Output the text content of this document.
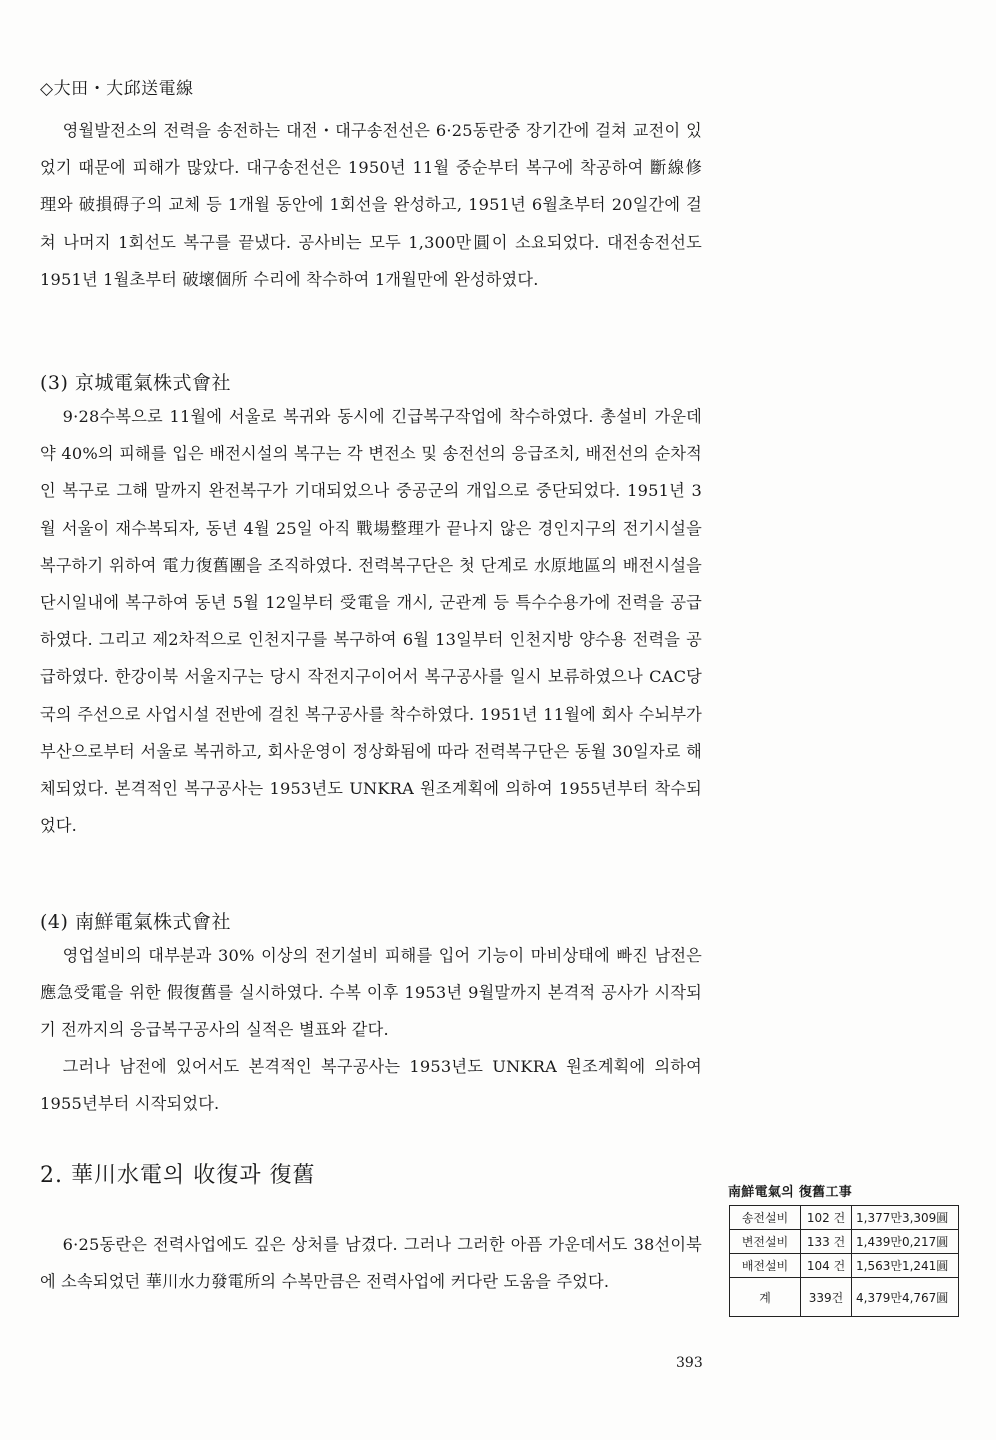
◇大田・大邱送電線

영월발전소의 전력을 송전하는 대전・대구송전선은 6·25동란중 장기간에 걸쳐 교전이 있었기 때문에 피해가 많았다. 대구송전선은 1950년 11월 중순부터 복구에 착공하여 斷線修理와 破損碍子의 교체 등 1개월 동안에 1회선을 완성하고, 1951년 6월초부터 20일간에 걸쳐 나머지 1회선도 복구를 끝냈다. 공사비는 모두 1,300만圓이 소요되었다. 대전송전선도 1951년 1월초부터 破壞個所 수리에 착수하여 1개월만에 완성하였다.

(3) 京城電氣株式會社

9·28수복으로 11월에 서울로 복귀와 동시에 긴급복구작업에 착수하였다. 총설비 가운데 약 40%의 피해를 입은 배전시설의 복구는 각 변전소 및 송전선의 응급조치, 배전선의 순차적인 복구로 그해 말까지 완전복구가 기대되었으나 중공군의 개입으로 중단되었다. 1951년 3월 서울이 재수복되자, 동년 4월 25일 아직 戰場整理가 끝나지 않은 경인지구의 전기시설을 복구하기 위하여 電力復舊團을 조직하였다. 전력복구단은 첫 단계로 水原地區의 배전시설을 단시일내에 복구하여 동년 5월 12일부터 受電을 개시, 군관계 등 특수수용가에 전력을 공급하였다. 그리고 제2차적으로 인천지구를 복구하여 6월 13일부터 인천지방 양수용 전력을 공급하였다. 한강이북 서울지구는 당시 작전지구이어서 복구공사를 일시 보류하였으나 CAC당국의 주선으로 사업시설 전반에 걸친 복구공사를 착수하였다. 1951년 11월에 회사 수뇌부가 부산으로부터 서울로 복귀하고, 회사운영이 정상화됨에 따라 전력복구단은 동월 30일자로 해체되었다. 본격적인 복구공사는 1953년도 UNKRA 원조계획에 의하여 1955년부터 착수되었다.

(4) 南鮮電氣株式會社

영업설비의 대부분과 30% 이상의 전기설비 피해를 입어 기능이 마비상태에 빠진 남전은 應急受電을 위한 假復舊를 실시하였다. 수복 이후 1953년 9월말까지 본격적 공사가 시작되기 전까지의 응급복구공사의 실적은 별표와 같다.

그러나 남전에 있어서도 본격적인 복구공사는 1953년도 UNKRA 원조계획에 의하여 1955년부터 시작되었다.

2. 華川水電의 收復과 復舊

6·25동란은 전력사업에도 깊은 상처를 남겼다. 그러나 그러한 아픔 가운데서도 38선이북에 소속되었던 華川水力發電所의 수복만큼은 전력사업에 커다란 도움을 주었다.

南鮮電氣의 復舊工事
송전설비	102 건	1,377만3,309圓
변전설비	133 건	1,439만0,217圓
배전설비	104 건	1,563만1,241圓
계	339건	4,379만4,767圓
393
